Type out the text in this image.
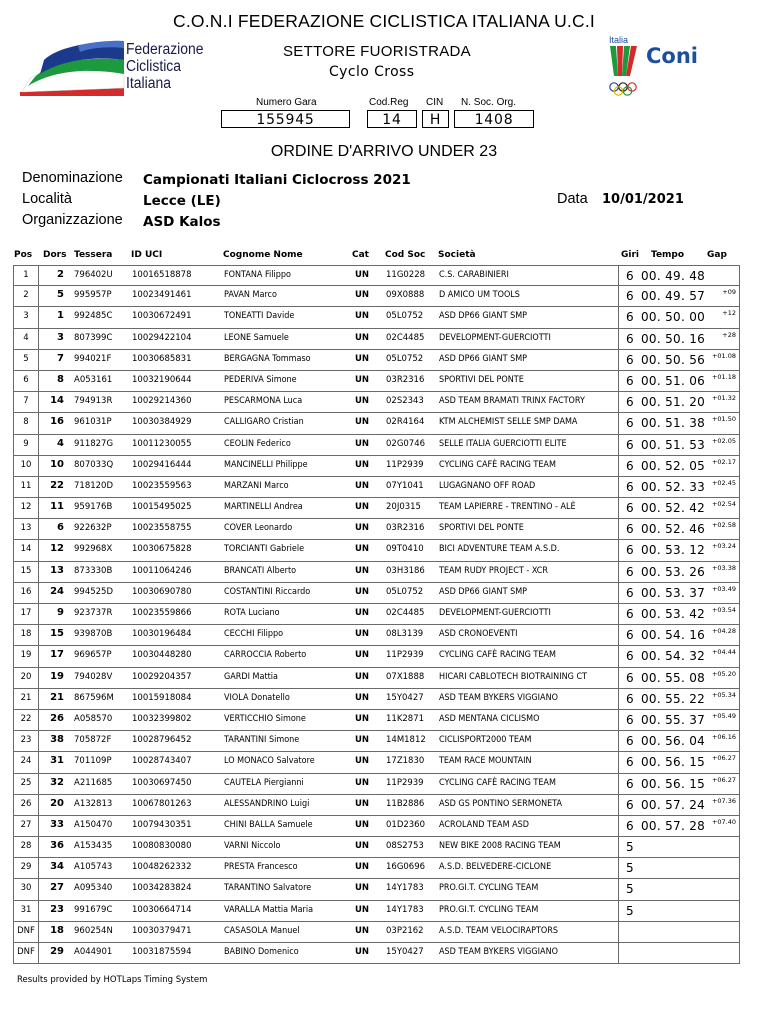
C.O.N.I FEDERAZIONE CICLISTICA ITALIANA U.C.I
Federazione
Ciclistica
Italiana
Italia
Coni
SETTORE FUORISTRADA
Cyclo Cross
Numero Gara
155945
Cod.Reg
14
CIN
H
N. Soc. Org.
1408
ORDINE D'ARRIVO UNDER 23
Denominazione Campionati Italiani Ciclocross 2021
Località	Lecce (LE)
Organizzazione ASD Kalos
Data 10/01/2021
Pos Dors Tessera ID UCI	Cognome Nome	Cat Cod Soc Società	Giri Tempo	Gap
1	2 796402U 10016518878	FONTANA Filippo	UN 11G0228 C.S. CARABINIERI	6 00. 49. 48
2	5 995957P 10023491461	PAVAN Marco	UN 09X0888 D AMICO UM TOOLS	6 00. 49. 57	+09
3	1 992485C 10030672491	TONEATTI Davide	UN 05L0752 ASD DP66 GIANT SMP	6 00. 50. 00	+12
4	3 807399C 10029422104	LEONE Samuele	UN 02C4485 DEVELOPMENT-GUERCIOTTI	6 00. 50. 16	+28
5	7 994021F 10030685831	BERGAGNA Tommaso	UN 05L0752 ASD DP66 GIANT SMP	6 00. 50. 56 +01.08
6	8 A053161 10032190644	PEDERIVA Simone	UN 03R2316 SPORTIVI DEL PONTE	6 00. 51. 06 +01.18
7	14 794913R 10029214360	PESCARMONA Luca	UN 02S2343 ASD TEAM BRAMATI TRINX FACTORY	6 00. 51. 20 +01.32
8	16 961031P 10030384929	CALLIGARO Cristian	UN 02R4164 KTM ALCHEMIST SELLE SMP DAMA	6 00. 51. 38 +01.50
9	4 911827G 10011230055	CEOLIN Federico	UN 02G0746 SELLE ITALIA GUERCIOTTI ELITE	6 00. 51. 53 +02.05
10	10 807033Q 10029416444	MANCINELLI Philippe	UN 11P2939 CYCLING CAFÈ RACING TEAM	6 00. 52. 05 +02.17
11	22 718120D 10023559563	MARZANI Marco	UN 07Y1041 LUGAGNANO OFF ROAD	6 00. 52. 33 +02.45
12	11 959176B 10015495025	MARTINELLI Andrea	UN 20J0315 TEAM LAPIERRE - TRENTINO - ALÈ	6 00. 52. 42 +02.54
13	6 922632P 10023558755	COVER Leonardo	UN 03R2316 SPORTIVI DEL PONTE	6 00. 52. 46 +02.58
14	12 992968X 10030675828	TORCIANTI Gabriele	UN 09T0410 BICI ADVENTURE TEAM A.S.D.	6 00. 53. 12 +03.24
15	13 873330B 10011064246	BRANCATI Alberto	UN 03H3186 TEAM RUDY PROJECT - XCR	6 00. 53. 26 +03.38
16	24 994525D 10030690780	COSTANTINI Riccardo	UN 05L0752 ASD DP66 GIANT SMP	6 00. 53. 37 +03.49
17	9 923737R 10023559866	ROTA Luciano	UN 02C4485 DEVELOPMENT-GUERCIOTTI	6 00. 53. 42 +03.54
18	15 939870B 10030196484	CECCHI Filippo	UN 08L3139 ASD CRONOEVENTI	6 00. 54. 16 +04.28
19	17 969657P 10030448280	CARROCCIA Roberto	UN 11P2939 CYCLING CAFÈ RACING TEAM	6 00. 54. 32 +04.44
20	19 794028V 10029204357	GARDI Mattia	UN 07X1888 HICARI CABLOTECH BIOTRAINING CT	6 00. 55. 08 +05.20
21	21 867596M 10015918084	VIOLA Donatello	UN 15Y0427 ASD TEAM BYKERS VIGGIANO	6 00. 55. 22 +05.34
22	26 A058570 10032399802	VERTICCHIO Simone	UN 11K2871 ASD MENTANA CICLISMO	6 00. 55. 37 +05.49
23	38 705872F 10028796452	TARANTINI Simone	UN 14M1812 CICLISPORT2000 TEAM	6 00. 56. 04 +06.16
24	31 701109P 10028743407	LO MONACO Salvatore	UN 17Z1830 TEAM RACE MOUNTAIN	6 00. 56. 15 +06.27
25	32 A211685 10030697450	CAUTELA Piergianni	UN 11P2939 CYCLING CAFÈ RACING TEAM	6 00. 56. 15 +06.27
26	20 A132813 10067801263	ALESSANDRINO Luigi	UN 11B2886 ASD GS PONTINO SERMONETA	6 00. 57. 24 +07.36
27	33 A150470 10079430351	CHINI BALLA Samuele	UN 01D2360 ACROLAND TEAM ASD	6 00. 57. 28 +07.40
28	36 A153435 10080830080	VARNI Niccolo	UN 08S2753 NEW BIKE 2008 RACING TEAM	5
29	34 A105743 10048262332	PRESTA Francesco	UN 16G0696 A.S.D. BELVEDERE-CICLONE	5
30	27 A095340 10034283824	TARANTINO Salvatore	UN 14Y1783 PRO.GI.T. CYCLING TEAM	5
31	23 991679C 10030664714	VARALLA Mattia Maria	UN 14Y1783 PRO.GI.T. CYCLING TEAM	5
DNF	18 960254N 10030379471	CASASOLA Manuel	UN 03P2162 A.S.D. TEAM VELOCIRAPTORS
DNF	29 A044901 10031875594	BABINO Domenico	UN 15Y0427 ASD TEAM BYKERS VIGGIANO
Results provided by HOTLaps Timing System
